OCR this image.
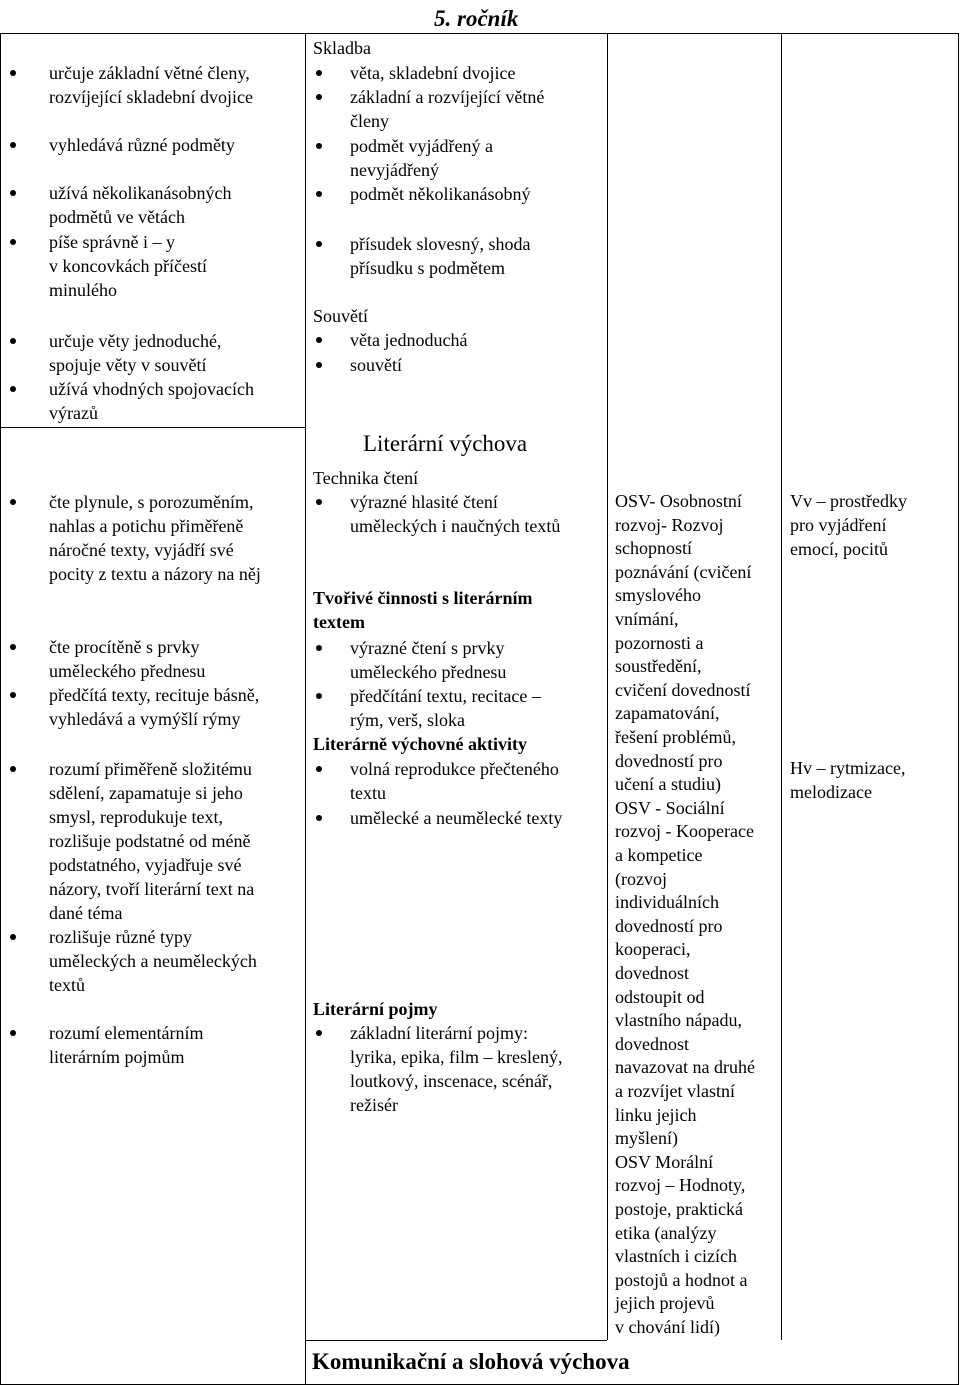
5. ročník
určuje základní větné členy,
rozvíjející skladební dvojice
vyhledává různé podměty
užívá několikanásobných
podmětů ve větách
píše správně i – y
v koncovkách příčestí
minulého
určuje věty jednoduché,
spojuje věty v souvětí
užívá vhodných spojovacích
výrazů
čte plynule, s porozuměním,
nahlas a potichu přiměřeně
náročné texty, vyjádří své
pocity z textu a názory na něj
čte procítěně s prvky
uměleckého přednesu
předčítá texty, recituje básně,
vyhledává a vymýšlí rýmy
rozumí přiměřeně složitému
sdělení, zapamatuje si jeho
smysl, reprodukuje text,
rozlišuje podstatné od méně
podstatného, vyjadřuje své
názory, tvoří literární text na
dané téma
rozlišuje různé typy
uměleckých a neuměleckých
textů
rozumí elementárním
literárním pojmům
Skladba
věta, skladební dvojice
základní a rozvíjející větné
členy
podmět vyjádřený a
nevyjádřený
podmět několikanásobný
přísudek slovesný, shoda
přísudku s podmětem
Souvětí
věta jednoduchá
souvětí
Literární výchova
Technika čtení
výrazné hlasité čtení
uměleckých i naučných textů
Tvořivé činnosti s literárním
textem
výrazné čtení s prvky
uměleckého přednesu
předčítání textu, recitace –
rým, verš, sloka
Literárně výchovné aktivity
volná reprodukce přečteného
textu
umělecké a neumělecké texty
Literární pojmy
základní literární pojmy:
lyrika, epika, film – kreslený,
loutkový, inscenace, scénář,
režisér
Komunikační a slohová výchova
OSV- Osobnostní
rozvoj- Rozvoj
schopností
poznávání (cvičení
smyslového
vnímání,
pozornosti a
soustředění,
cvičení dovedností
zapamatování,
řešení problémů,
dovedností pro
učení a studiu)
OSV - Sociální
rozvoj - Kooperace
a kompetice
(rozvoj
individuálních
dovedností pro
kooperaci,
dovednost
odstoupit od
vlastního nápadu,
dovednost
navazovat na druhé
a rozvíjet vlastní
linku jejich
myšlení)
OSV Morální
rozvoj – Hodnoty,
postoje, praktická
etika (analýzy
vlastních i cizích
postojů a hodnot a
jejich projevů
v chování lidí)
Vv – prostředky
pro vyjádření
emocí, pocitů
Hv – rytmizace,
melodizace
